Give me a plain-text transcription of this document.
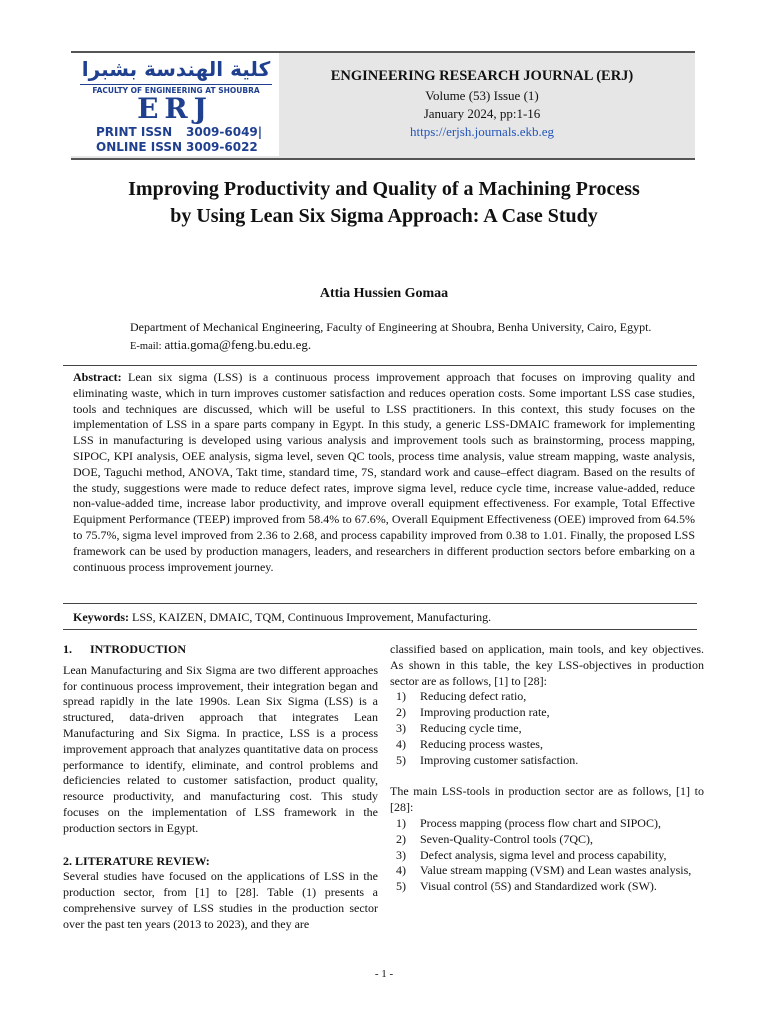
كلية الهندسة بشبرا
FACULTY OF ENGINEERING AT SHOUBRA
ERJ
PRINT ISSN 3009-6049|
ONLINE ISSN 3009-6022
ENGINEERING RESEARCH JOURNAL (ERJ)
Volume (53) Issue (1)
January 2024, pp:1-16
https://erjsh.journals.ekb.eg
Improving Productivity and Quality of a Machining Process
by Using Lean Six Sigma Approach: A Case Study
Attia Hussien Gomaa
Department of Mechanical Engineering, Faculty of Engineering at Shoubra, Benha University, Cairo, Egypt.
E-mail: attia.goma@feng.bu.edu.eg.
Abstract: Lean six sigma (LSS) is a continuous process improvement approach that focuses on improving quality and eliminating waste, which in turn improves customer satisfaction and reduces operation costs. Some important LSS case studies, tools and techniques are discussed, which will be useful to LSS practitioners. In this context, this study focuses on the implementation of LSS in a spare parts company in Egypt. In this study, a generic LSS-DMAIC framework for implementing LSS in manufacturing is developed using various analysis and improvement tools such as brainstorming, process mapping, SIPOC, KPI analysis, OEE analysis, sigma level, seven QC tools, process time analysis, value stream mapping, waste analysis, DOE, Taguchi method, ANOVA, Takt time, standard time, 7S, standard work and cause–effect diagram. Based on the results of the study, suggestions were made to reduce defect rates, improve sigma level, reduce cycle time, increase value-added, reduce non-value-added time, increase labor productivity, and improve overall equipment effectiveness. For example, Total Effective Equipment Performance (TEEP) improved from 58.4% to 67.6%, Overall Equipment Effectiveness (OEE) improved from 64.5% to 75.7%, sigma level improved from 2.36 to 2.68, and process capability improved from 0.38 to 1.01. Finally, the proposed LSS framework can be used by production managers, leaders, and researchers in different production sectors before embarking on a continuous process improvement journey.
Keywords: LSS, KAIZEN, DMAIC, TQM, Continuous Improvement, Manufacturing.
1.      INTRODUCTION
Lean Manufacturing and Six Sigma are two different approaches for continuous process improvement, their integration began and spread rapidly in the late 1990s. Lean Six Sigma (LSS) is a structured, data-driven approach that integrates Lean Manufacturing and Six Sigma. In practice, LSS is a process improvement approach that analyzes quantitative data on process performance to identify, eliminate, and control problems and deficiencies related to customer satisfaction, product quality, resource productivity, and manufacturing cost. This study focuses on the implementation of LSS framework in the production sectors in Egypt.
2. LITERATURE REVIEW:
Several studies have focused on the applications of LSS in the production sector, from [1] to [28]. Table (1) presents a comprehensive survey of LSS studies in the production sector over the past ten years (2013 to 2023), and they are
classified based on application, main tools, and key objectives. As shown in this table, the key LSS-objectives in production sector are as follows, [1] to [28]:
1) Reducing defect ratio,
2) Improving production rate,
3) Reducing cycle time,
4) Reducing process wastes,
5) Improving customer satisfaction.
The main LSS-tools in production sector are as follows, [1] to [28]:
1) Process mapping (process flow chart and SIPOC),
2) Seven-Quality-Control tools (7QC),
3) Defect analysis, sigma level and process capability,
4) Value stream mapping (VSM) and Lean wastes analysis,
5) Visual control (5S) and Standardized work (SW).
- 1 -
